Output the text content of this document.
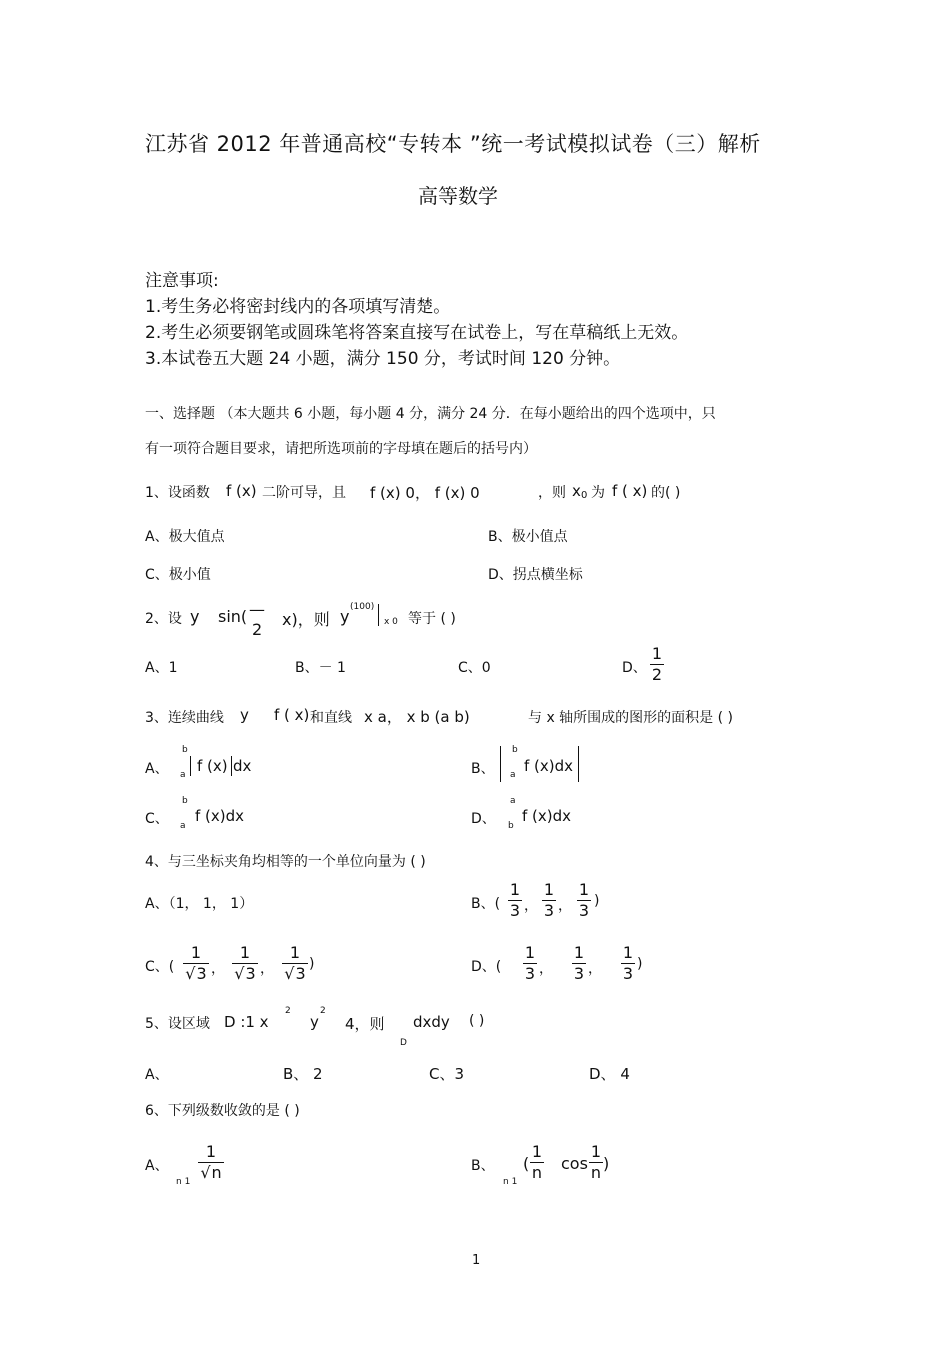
江苏省 2012 年普通高校“专转本 ”统一考试模拟试卷（三）解析
高等数学
注意事项:
1.考生务必将密封线内的各项填写清楚。
2.考生必须要钢笔或圆珠笔将答案直接写在试卷上，写在草稿纸上无效。
3.本试卷五大题 24 小题，满分 150 分，考试时间 120 分钟。
一、选择题 （本大题共 6 小题，每小题 4 分，满分 24 分．在每小题给出的四个选项中，只
有一项符合题目要求，请把所选项前的字母填在题后的括号内）
1、设函数 f (x) 二阶可导，且 f (x) 0， f (x) 0	，则 x 0 为 f ( x) 的( )
A、极大值点	B、极小值点
C、极小值	D、拐点横坐标
2、设 y sin( —
2
x)，则 y (100)
x 0 等于 ( )
A、1	B、－ 1	C、0	D、
1
2
3、连续曲线 y f ( x) 和直线 x a， x b (a b)	与 x 轴所围成的图形的面积是 ( )
A、
b
a f (x) dx	B、
b
a f (x)dx
C、
b
a
f (x)dx	D、
a
b
f (x)dx
4、与三坐标夹角均相等的一个单位向量为 ( )
A、（1， 1， 1）	B、(
1
3 ，
1
3 ，
1
3 )
C、(
1
√3 ，
1
√3 ，
1
√3 )	D、(
1
3 ，
1
3 ，
1
3 )
5、设区域 D :1 x
2
y
2
4，则 dxdy
D
( )
A、	B、 2	C、3	D、 4
6、下列级数收敛的是 ( )
A、
n 1
1
√n	B、
n 1
(
1
n cos
1
n )
1
